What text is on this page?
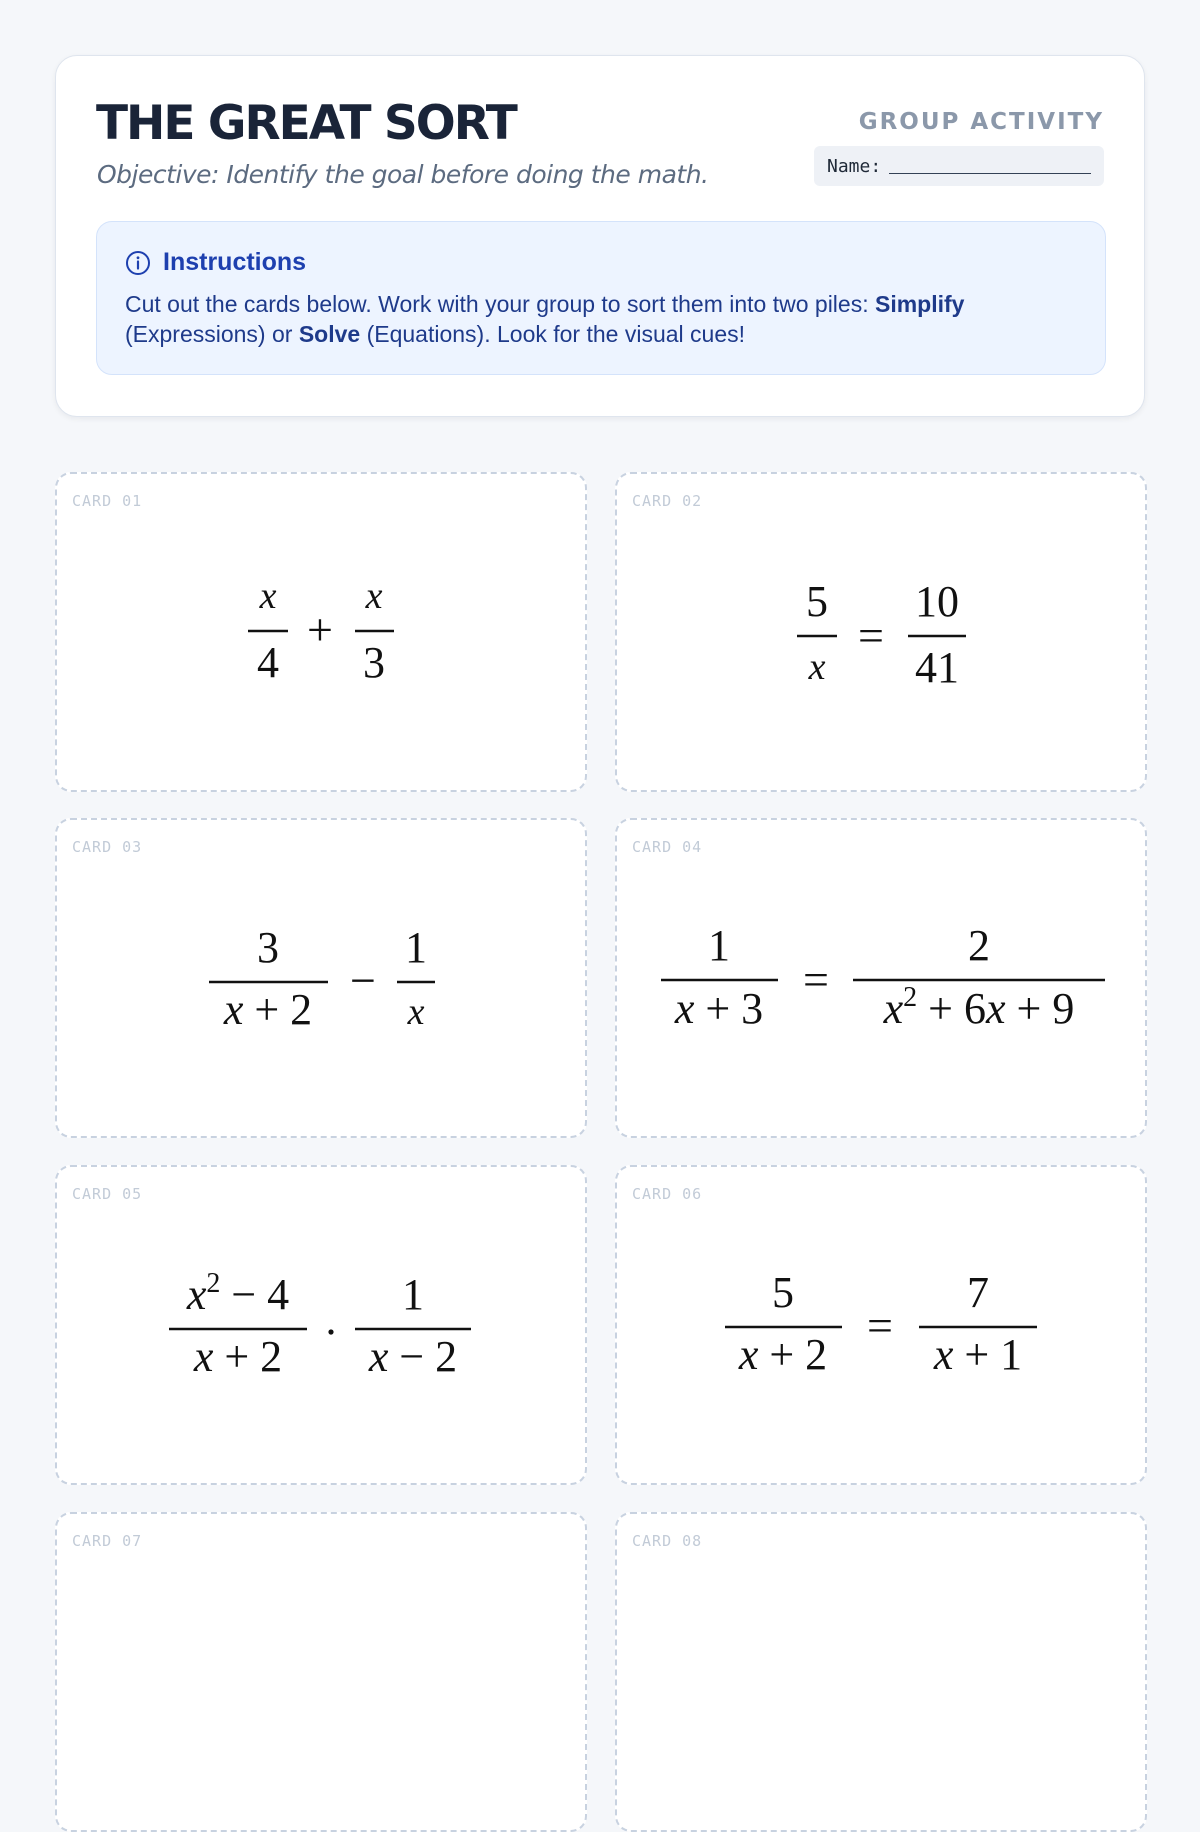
THE GREAT SORT
Objective: Identify the goal before doing the math.
GROUP ACTIVITY
Name:
Instructions
Cut out the cards below. Work with your group to sort them into two piles: Simplify (Expressions) or Solve (Equations). Look for the visual cues!
CARD 01
x
4
+
x
3
CARD 02
5
x
=
10
41
CARD 03
3
x + 2
−
1
x
CARD 04
1
x + 3
=
2
$x^2 + 6x + 9$
CARD 05
$x^2 - 4$
x + 2
1
x − 2
CARD 06
5
x + 2
=
7
x + 1
CARD 07	CARD 08
